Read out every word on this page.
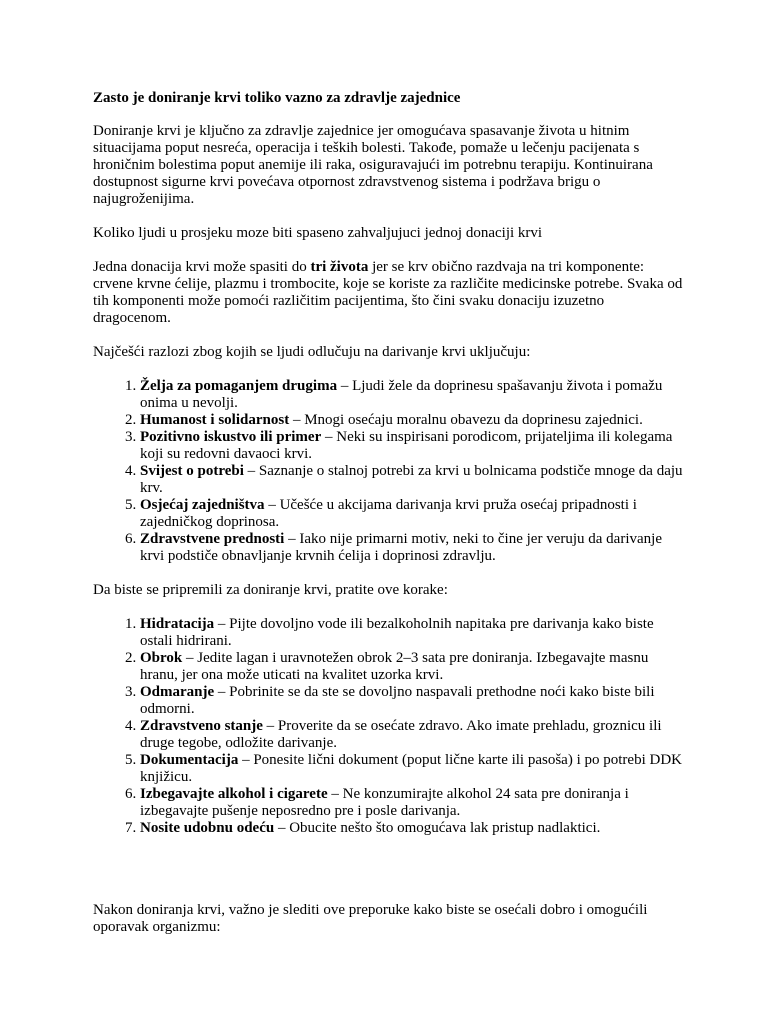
Zasto je doniranje krvi toliko vazno za zdravlje zajednice

Doniranje krvi je ključno za zdravlje zajednice jer omogućava spasavanje života u hitnim situacijama poput nesreća, operacija i teških bolesti. Takođe, pomaže u lečenju pacijenata s hroničnim bolestima poput anemije ili raka, osiguravajući im potrebnu terapiju. Kontinuirana dostupnost sigurne krvi povećava otpornost zdravstvenog sistema i podržava brigu o najugroženijima.

Koliko ljudi u prosjeku moze biti spaseno zahvaljujuci jednoj donaciji krvi

Jedna donacija krvi može spasiti do tri života jer se krv obično razdvaja na tri komponente: crvene krvne ćelije, plazmu i trombocite, koje se koriste za različite medicinske potrebe. Svaka od tih komponenti može pomoći različitim pacijentima, što čini svaku donaciju izuzetno dragocenom.

Najčešći razlozi zbog kojih se ljudi odlučuju na darivanje krvi uključuju:

1. Želja za pomaganjem drugima – Ljudi žele da doprinesu spašavanju života i pomažu onima u nevolji.
2. Humanost i solidarnost – Mnogi osećaju moralnu obavezu da doprinesu zajednici.
3. Pozitivno iskustvo ili primer – Neki su inspirisani porodicom, prijateljima ili kolegama koji su redovni davaoci krvi.
4. Svijest o potrebi – Saznanje o stalnoj potrebi za krvi u bolnicama podstiče mnoge da daju krv.
5. Osjećaj zajedništva – Učešće u akcijama darivanja krvi pruža osećaj pripadnosti i zajedničkog doprinosa.
6. Zdravstvene prednosti – Iako nije primarni motiv, neki to čine jer veruju da darivanje krvi podstiče obnavljanje krvnih ćelija i doprinosi zdravlju.

Da biste se pripremili za doniranje krvi, pratite ove korake:

1. Hidratacija – Pijte dovoljno vode ili bezalkoholnih napitaka pre darivanja kako biste ostali hidrirani.
2. Obrok – Jedite lagan i uravnotežen obrok 2–3 sata pre doniranja. Izbegavajte masnu hranu, jer ona može uticati na kvalitet uzorka krvi.
3. Odmaranje – Pobrinite se da ste se dovoljno naspavali prethodne noći kako biste bili odmorni.
4. Zdravstveno stanje – Proverite da se osećate zdravo. Ako imate prehladu, groznicu ili druge tegobe, odložite darivanje.
5. Dokumentacija – Ponesite lični dokument (poput lične karte ili pasoša) i po potrebi DDK knjižicu.
6. Izbegavajte alkohol i cigarete – Ne konzumirajte alkohol 24 sata pre doniranja i izbegavajte pušenje neposredno pre i posle darivanja.
7. Nosite udobnu odeću – Obucite nešto što omogućava lak pristup nadlaktici.

Nakon doniranja krvi, važno je slediti ove preporuke kako biste se osećali dobro i omogućili oporavak organizmu:
